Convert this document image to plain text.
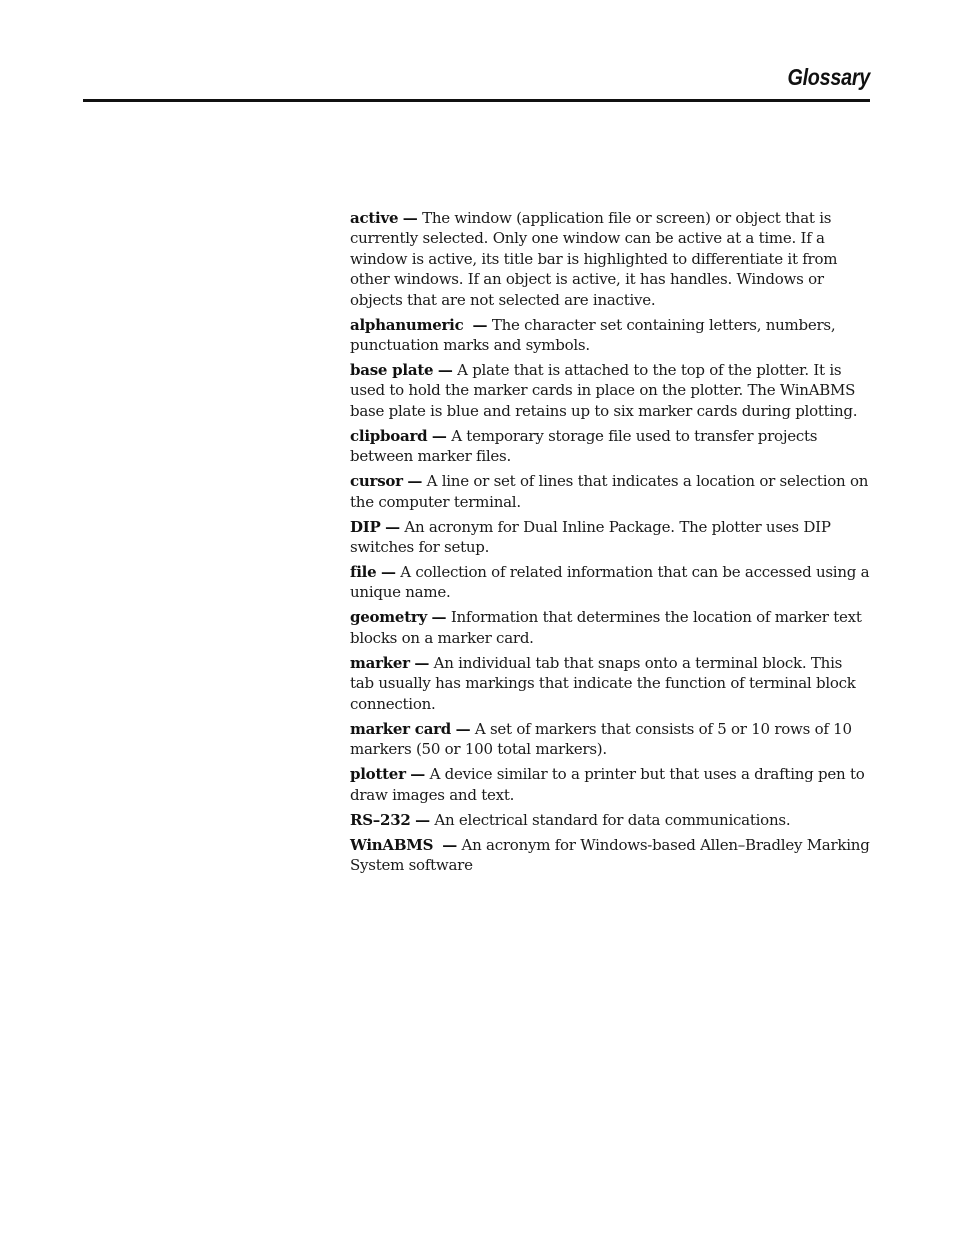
Glossary

active — The window (application file or screen) or object that is currently selected. Only one window can be active at a time. If a window is active, its title bar is highlighted to differentiate it from other windows. If an object is active, it has handles. Windows or objects that are not selected are inactive.

alphanumeric — The character set containing letters, numbers, punctuation marks and symbols.

base plate — A plate that is attached to the top of the plotter. It is used to hold the marker cards in place on the plotter. The WinABMS base plate is blue and retains up to six marker cards during plotting.

clipboard — A temporary storage file used to transfer projects between marker files.

cursor — A line or set of lines that indicates a location or selection on the computer terminal.

DIP — An acronym for Dual Inline Package. The plotter uses DIP switches for setup.

file — A collection of related information that can be accessed using a unique name.

geometry — Information that determines the location of marker text blocks on a marker card.

marker — An individual tab that snaps onto a terminal block. This tab usually has markings that indicate the function of terminal block connection.

marker card — A set of markers that consists of 5 or 10 rows of 10 markers (50 or 100 total markers).

plotter — A device similar to a printer but that uses a drafting pen to draw images and text.

RS–232 — An electrical standard for data communications.

WinABMS — An acronym for Windows-based Allen–Bradley Marking System software
